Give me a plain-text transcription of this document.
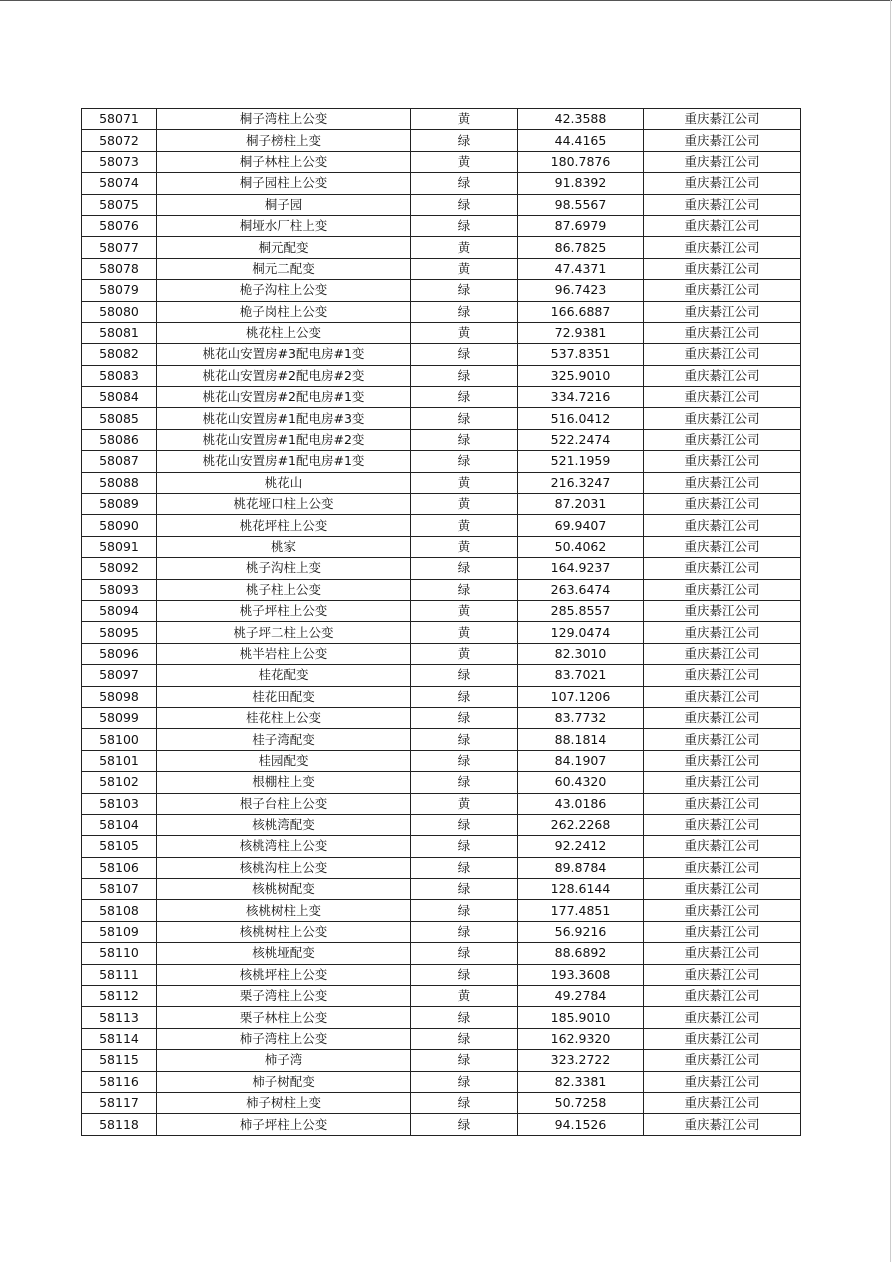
58071	桐子湾柱上公变	黄	42.3588	重庆綦江公司
58072	桐子榜柱上变	绿	44.4165	重庆綦江公司
58073	桐子林柱上公变	黄	180.7876	重庆綦江公司
58074	桐子园柱上公变	绿	91.8392	重庆綦江公司
58075	桐子园	绿	98.5567	重庆綦江公司
58076	桐垭水厂柱上变	绿	87.6979	重庆綦江公司
58077	桐元配变	黄	86.7825	重庆綦江公司
58078	桐元二配变	黄	47.4371	重庆綦江公司
58079	桅子沟柱上公变	绿	96.7423	重庆綦江公司
58080	桅子岗柱上公变	绿	166.6887	重庆綦江公司
58081	桃花柱上公变	黄	72.9381	重庆綦江公司
58082	桃花山安置房#3配电房#1变	绿	537.8351	重庆綦江公司
58083	桃花山安置房#2配电房#2变	绿	325.9010	重庆綦江公司
58084	桃花山安置房#2配电房#1变	绿	334.7216	重庆綦江公司
58085	桃花山安置房#1配电房#3变	绿	516.0412	重庆綦江公司
58086	桃花山安置房#1配电房#2变	绿	522.2474	重庆綦江公司
58087	桃花山安置房#1配电房#1变	绿	521.1959	重庆綦江公司
58088	桃花山	黄	216.3247	重庆綦江公司
58089	桃花垭口柱上公变	黄	87.2031	重庆綦江公司
58090	桃花坪柱上公变	黄	69.9407	重庆綦江公司
58091	桃家	黄	50.4062	重庆綦江公司
58092	桃子沟柱上变	绿	164.9237	重庆綦江公司
58093	桃子柱上公变	绿	263.6474	重庆綦江公司
58094	桃子坪柱上公变	黄	285.8557	重庆綦江公司
58095	桃子坪二柱上公变	黄	129.0474	重庆綦江公司
58096	桃半岩柱上公变	黄	82.3010	重庆綦江公司
58097	桂花配变	绿	83.7021	重庆綦江公司
58098	桂花田配变	绿	107.1206	重庆綦江公司
58099	桂花柱上公变	绿	83.7732	重庆綦江公司
58100	桂子湾配变	绿	88.1814	重庆綦江公司
58101	桂园配变	绿	84.1907	重庆綦江公司
58102	根棚柱上变	绿	60.4320	重庆綦江公司
58103	根子台柱上公变	黄	43.0186	重庆綦江公司
58104	核桃湾配变	绿	262.2268	重庆綦江公司
58105	核桃湾柱上公变	绿	92.2412	重庆綦江公司
58106	核桃沟柱上公变	绿	89.8784	重庆綦江公司
58107	核桃树配变	绿	128.6144	重庆綦江公司
58108	核桃树柱上变	绿	177.4851	重庆綦江公司
58109	核桃树柱上公变	绿	56.9216	重庆綦江公司
58110	核桃垭配变	绿	88.6892	重庆綦江公司
58111	核桃坪柱上公变	绿	193.3608	重庆綦江公司
58112	栗子湾柱上公变	黄	49.2784	重庆綦江公司
58113	栗子林柱上公变	绿	185.9010	重庆綦江公司
58114	柿子湾柱上公变	绿	162.9320	重庆綦江公司
58115	柿子湾	绿	323.2722	重庆綦江公司
58116	柿子树配变	绿	82.3381	重庆綦江公司
58117	柿子树柱上变	绿	50.7258	重庆綦江公司
58118	柿子坪柱上公变	绿	94.1526	重庆綦江公司
